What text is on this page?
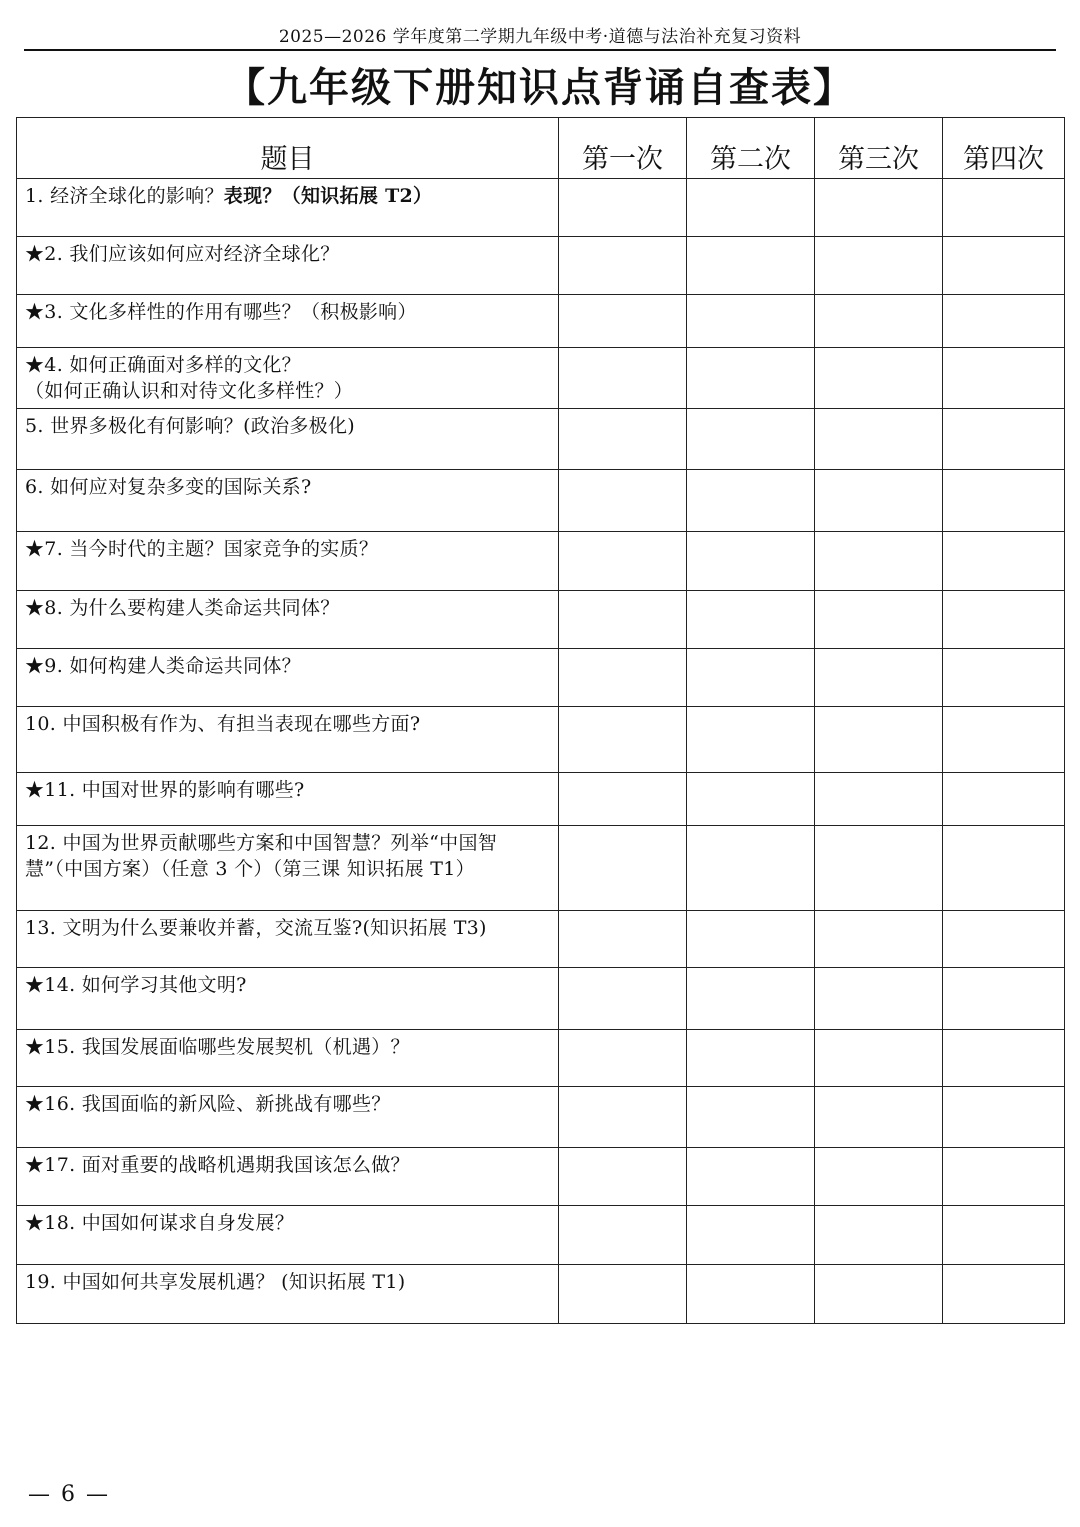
2025—2026 学年度第二学期九年级中考·道德与法治补充复习资料
【九年级下册知识点背诵自查表】
题目	第一次	第二次	第三次	第四次
1. 经济全球化的影响？表现？（知识拓展 T2）				
★2. 我们应该如何应对经济全球化？				
★3. 文化多样性的作用有哪些？（积极影响）				
★4. 如何正确面对多样的文化？
（如何正确认识和对待文化多样性？）				
5. 世界多极化有何影响？(政治多极化)				
6. 如何应对复杂多变的国际关系?				
★7. 当今时代的主题？国家竞争的实质？				
★8. 为什么要构建人类命运共同体？				
★9. 如何构建人类命运共同体？				
10. 中国积极有作为、有担当表现在哪些方面?				
★11. 中国对世界的影响有哪些?				
12. 中国为世界贡献哪些方案和中国智慧？列举“中国智慧”（中国方案）（任意 3 个）（第三课 知识拓展 T1）				
13. 文明为什么要兼收并蓄，交流互鉴?(知识拓展 T3)				
★14. 如何学习其他文明?				
★15. 我国发展面临哪些发展契机（机遇）？				
★16. 我国面临的新风险、新挑战有哪些？				
★17. 面对重要的战略机遇期我国该怎么做？				
★18. 中国如何谋求自身发展？				
19. 中国如何共享发展机遇？ (知识拓展 T1)				
— 6 —
